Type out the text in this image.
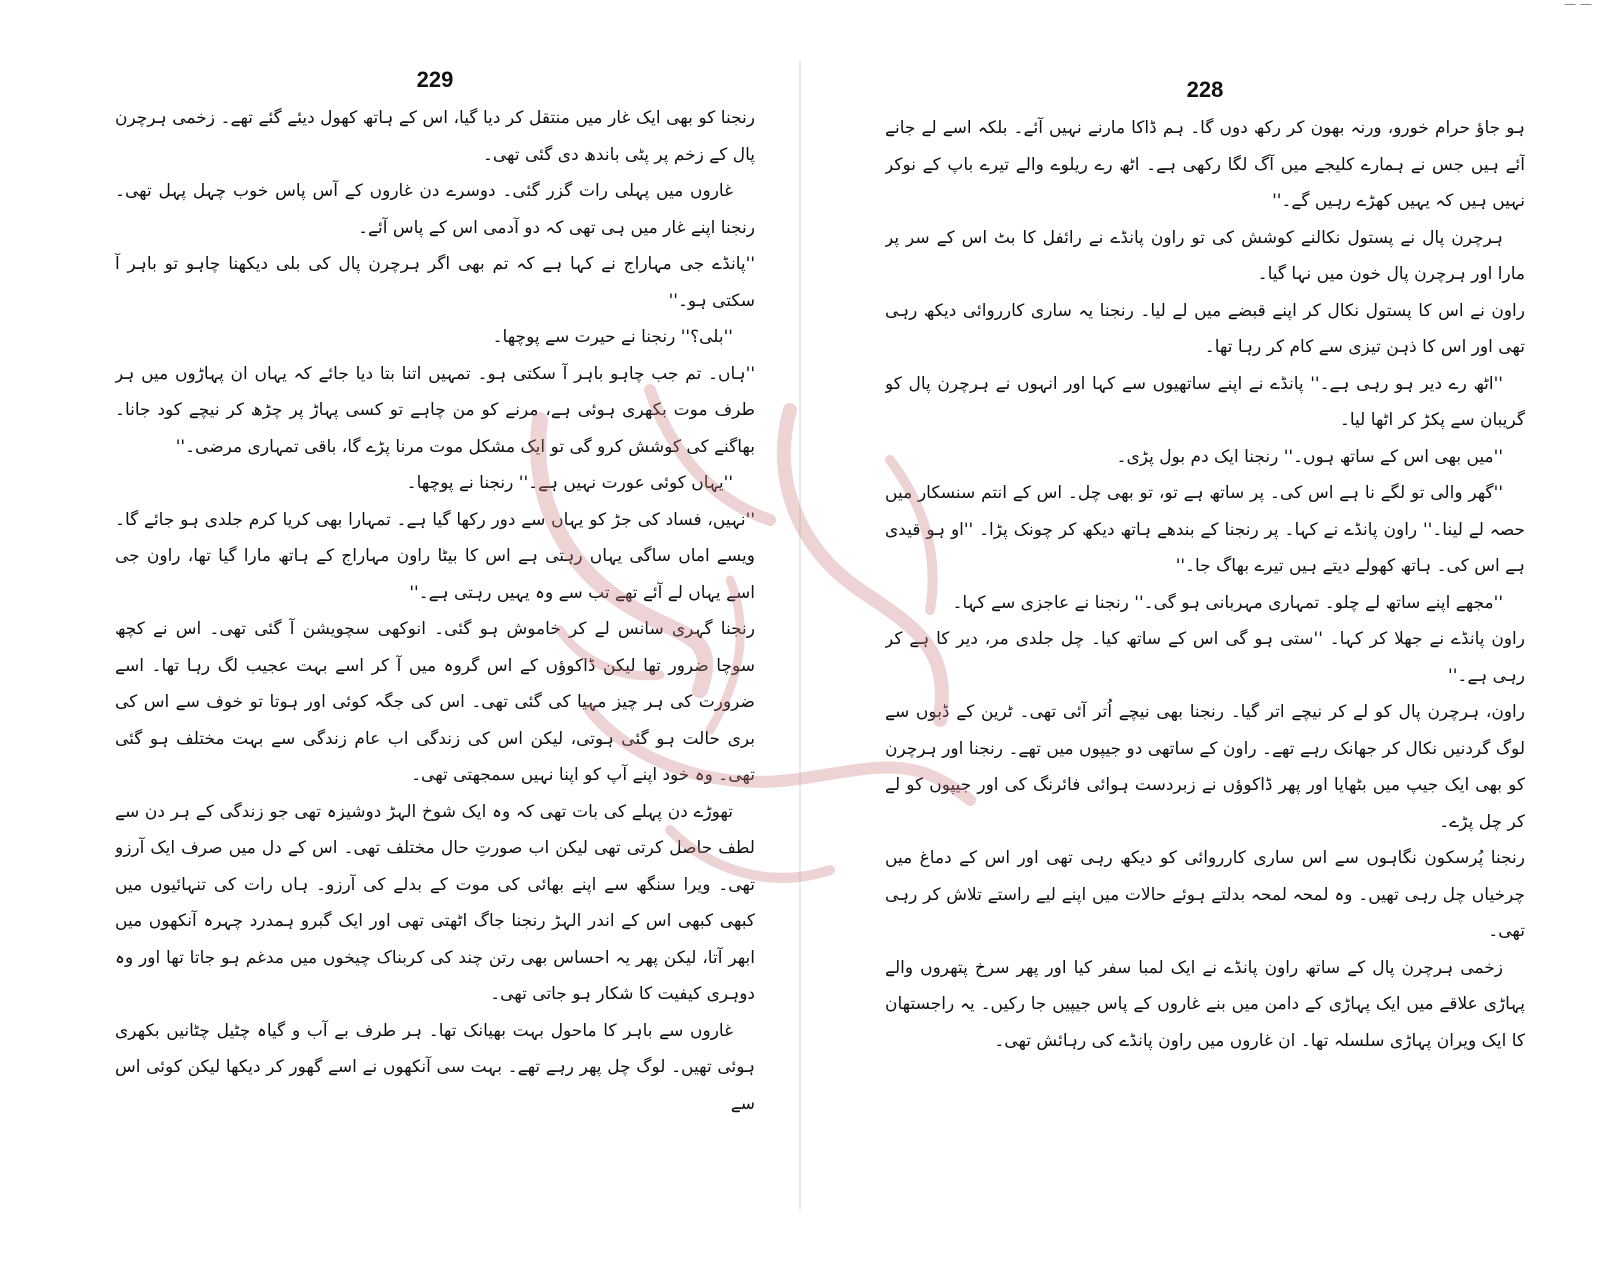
— —
229

رنجنا کو بھی ایک غار میں منتقل کر دیا گیا، اس کے ہاتھ کھول دیئے گئے تھے۔ زخمی ہرچرن پال کے زخم پر پٹی باندھ دی گئی تھی۔

غاروں میں پہلی رات گزر گئی۔ دوسرے دن غاروں کے آس پاس خوب چہل پہل تھی۔ رنجنا اپنے غار میں ہی تھی کہ دو آدمی اس کے پاس آئے۔

''پانڈے جی مہاراج نے کہا ہے کہ تم بھی اگر ہرچرن پال کی بلی دیکھنا چاہو تو باہر آ سکتی ہو۔''

''بلی؟'' رنجنا نے حیرت سے پوچھا۔

''ہاں۔ تم جب چاہو باہر آ سکتی ہو۔ تمہیں اتنا بتا دیا جائے کہ یہاں ان پہاڑوں میں ہر طرف موت بکھری ہوئی ہے، مرنے کو من چاہے تو کسی پہاڑ پر چڑھ کر نیچے کود جانا۔ بھاگنے کی کوشش کرو گی تو ایک مشکل موت مرنا پڑے گا، باقی تمہاری مرضی۔''

''یہاں کوئی عورت نہیں ہے۔'' رنجنا نے پوچھا۔

''نہیں، فساد کی جڑ کو یہاں سے دور رکھا گیا ہے۔ تمہارا بھی کریا کرم جلدی ہو جائے گا۔ ویسے اماں ساگی یہاں رہتی ہے اس کا بیٹا راون مہاراج کے ہاتھ مارا گیا تھا، راون جی اسے یہاں لے آئے تھے تب سے وہ یہیں رہتی ہے۔''

رنجنا گہری سانس لے کر خاموش ہو گئی۔ انوکھی سچویشن آ گئی تھی۔ اس نے کچھ سوچا ضرور تھا لیکن ڈاکوؤں کے اس گروہ میں آ کر اسے بہت عجیب لگ رہا تھا۔ اسے ضرورت کی ہر چیز مہیا کی گئی تھی۔ اس کی جگہ کوئی اور ہوتا تو خوف سے اس کی بری حالت ہو گئی ہوتی، لیکن اس کی زندگی اب عام زندگی سے بہت مختلف ہو گئی تھی۔ وہ خود اپنے آپ کو اپنا نہیں سمجھتی تھی۔

تھوڑے دن پہلے کی بات تھی کہ وہ ایک شوخ الہڑ دوشیزہ تھی جو زندگی کے ہر دن سے لطف حاصل کرتی تھی لیکن اب صورتِ حال مختلف تھی۔ اس کے دل میں صرف ایک آرزو تھی۔ ویرا سنگھ سے اپنے بھائی کی موت کے بدلے کی آرزو۔ ہاں رات کی تنہائیوں میں کبھی کبھی اس کے اندر الہڑ رنجنا جاگ اٹھتی تھی اور ایک گبرو ہمدرد چہرہ آنکھوں میں ابھر آتا، لیکن پھر یہ احساس بھی رتن چند کی کربناک چیخوں میں مدغم ہو جاتا تھا اور وہ دوہری کیفیت کا شکار ہو جاتی تھی۔

غاروں سے باہر کا ماحول بہت بھیانک تھا۔ ہر طرف بے آب و گیاہ چٹیل چٹانیں بکھری ہوئی تھیں۔ لوگ چل پھر رہے تھے۔ بہت سی آنکھوں نے اسے گھور کر دیکھا لیکن کوئی اس سے

228

ہو جاؤ حرام خورو، ورنہ بھون کر رکھ دوں گا۔ ہم ڈاکا مارنے نہیں آئے۔ بلکہ اسے لے جانے آئے ہیں جس نے ہمارے کلیجے میں آگ لگا رکھی ہے۔ اٹھ رے ریلوے والے تیرے باپ کے نوکر نہیں ہیں کہ یہیں کھڑے رہیں گے۔''

ہرچرن پال نے پستول نکالنے کوشش کی تو راون پانڈے نے رائفل کا بٹ اس کے سر پر مارا اور ہرچرن پال خون میں نہا گیا۔

راون نے اس کا پستول نکال کر اپنے قبضے میں لے لیا۔ رنجنا یہ ساری کارروائی دیکھ رہی تھی اور اس کا ذہن تیزی سے کام کر رہا تھا۔

''اٹھ رے دیر ہو رہی ہے۔'' پانڈے نے اپنے ساتھیوں سے کہا اور انہوں نے ہرچرن پال کو گریبان سے پکڑ کر اٹھا لیا۔

''میں بھی اس کے ساتھ ہوں۔'' رنجنا ایک دم بول پڑی۔

''گھر والی تو لگے نا ہے اس کی۔ پر ساتھ ہے تو، تو بھی چل۔ اس کے انتم سنسکار میں حصہ لے لینا۔'' راون پانڈے نے کہا۔ پر رنجنا کے بندھے ہاتھ دیکھ کر چونک پڑا۔ ''او ہو قیدی ہے اس کی۔ ہاتھ کھولے دیتے ہیں تیرے بھاگ جا۔''

''مجھے اپنے ساتھ لے چلو۔ تمہاری مہربانی ہو گی۔'' رنجنا نے عاجزی سے کہا۔

راون پانڈے نے جھلا کر کہا۔ ''ستی ہو گی اس کے ساتھ کیا۔ چل جلدی مر، دیر کا ہے کر رہی ہے۔''

راون، ہرچرن پال کو لے کر نیچے اتر گیا۔ رنجنا بھی نیچے اُتر آئی تھی۔ ٹرین کے ڈبوں سے لوگ گردنیں نکال کر جھانک رہے تھے۔ راون کے ساتھی دو جیپوں میں تھے۔ رنجنا اور ہرچرن کو بھی ایک جیپ میں بٹھایا اور پھر ڈاکوؤں نے زبردست ہوائی فائرنگ کی اور جیپوں کو لے کر چل پڑے۔

رنجنا پُرسکون نگاہوں سے اس ساری کارروائی کو دیکھ رہی تھی اور اس کے دماغ میں چرخیاں چل رہی تھیں۔ وہ لمحہ لمحہ بدلتے ہوئے حالات میں اپنے لیے راستے تلاش کر رہی تھی۔

زخمی ہرچرن پال کے ساتھ راون پانڈے نے ایک لمبا سفر کیا اور پھر سرخ پتھروں والے پہاڑی علاقے میں ایک پہاڑی کے دامن میں بنے غاروں کے پاس جیپیں جا رکیں۔ یہ راجستھان کا ایک ویران پہاڑی سلسلہ تھا۔ ان غاروں میں راون پانڈے کی رہائش تھی۔
